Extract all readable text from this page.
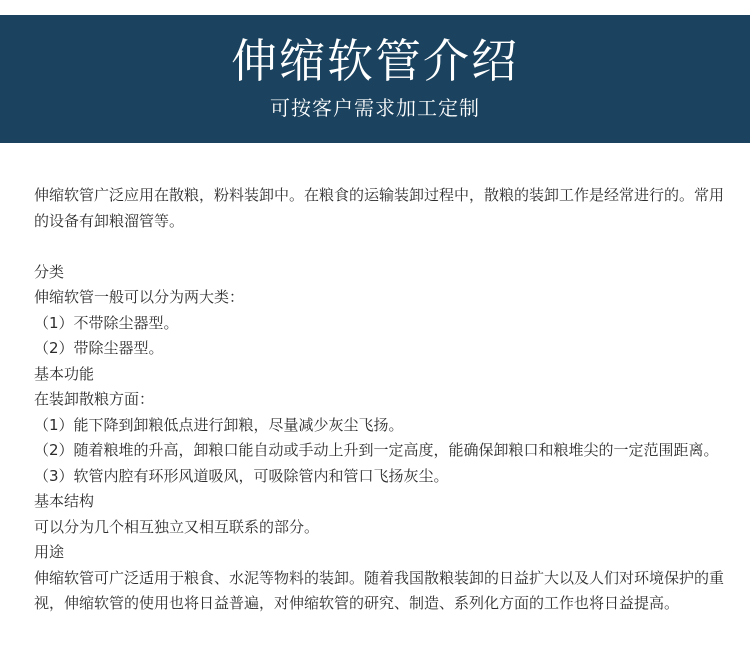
伸缩软管介绍
可按客户需求加工定制

伸缩软管广泛应用在散粮，粉料装卸中。在粮食的运输装卸过程中，散粮的装卸工作是经常进行的。常用的设备有卸粮溜管等。

分类

伸缩软管一般可以分为两大类：

（1）不带除尘器型。

（2）带除尘器型。

基本功能

在装卸散粮方面：

（1）能下降到卸粮低点进行卸粮，尽量减少灰尘飞扬。

（2）随着粮堆的升高，卸粮口能自动或手动上升到一定高度，能确保卸粮口和粮堆尖的一定范围距离。

（3）软管内腔有环形风道吸风，可吸除管内和管口飞扬灰尘。

基本结构

可以分为几个相互独立又相互联系的部分。

用途

伸缩软管可广泛适用于粮食、水泥等物料的装卸。随着我国散粮装卸的日益扩大以及人们对环境保护的重视，伸缩软管的使用也将日益普遍，对伸缩软管的研究、制造、系列化方面的工作也将日益提高。
